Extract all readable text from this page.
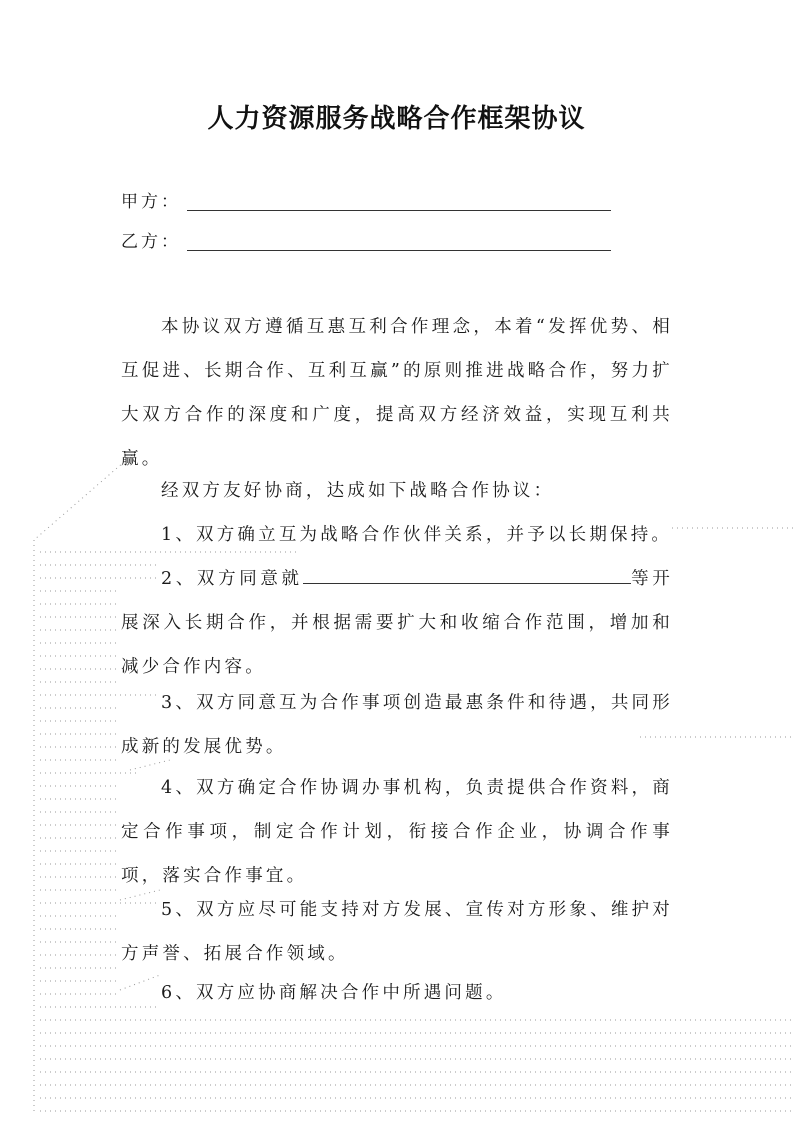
人力资源服务战略合作框架协议
甲方：
乙方：
本协议双方遵循互惠互利合作理念，本着“发挥优势、相互促进、长期合作、互利互赢”的原则推进战略合作，努力扩大双方合作的深度和广度，提高双方经济效益，实现互利共赢。
经双方友好协商，达成如下战略合作协议：
1、双方确立互为战略合作伙伴关系，并予以长期保持。
2、双方同意就	等开展深入长期合作，并根据需要扩大和收缩合作范围，增加和减少合作内容。
3、双方同意互为合作事项创造最惠条件和待遇，共同形成新的发展优势。
4、双方确定合作协调办事机构，负责提供合作资料，商定合作事项，制定合作计划，衔接合作企业，协调合作事项，落实合作事宜。
5、双方应尽可能支持对方发展、宣传对方形象、维护对方声誉、拓展合作领域。
6、双方应协商解决合作中所遇问题。
